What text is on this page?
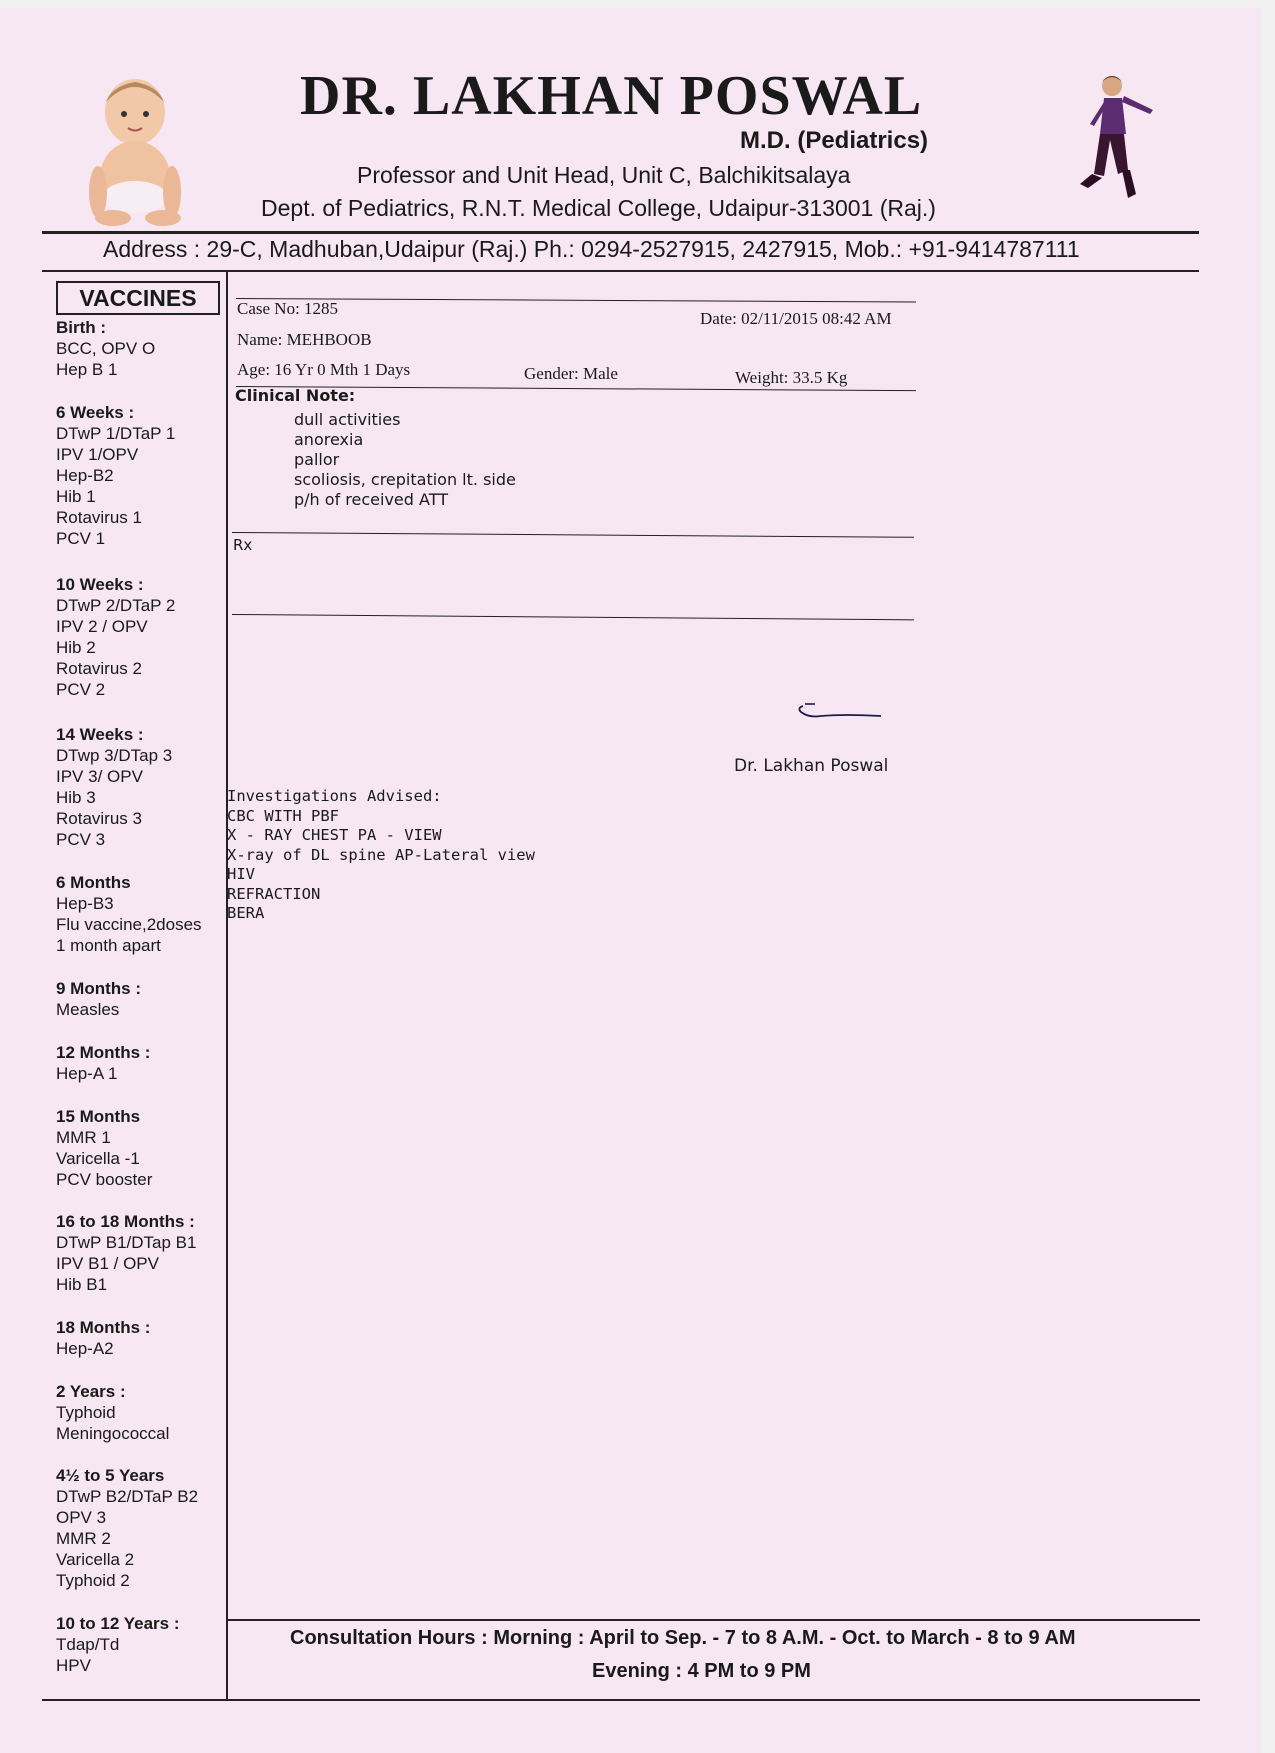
DR. LAKHAN POSWAL
M.D. (Pediatrics)
Professor and Unit Head, Unit C, Balchikitsalaya
Dept. of Pediatrics, R.N.T. Medical College, Udaipur-313001 (Raj.)
Address : 29-C, Madhuban,Udaipur (Raj.) Ph.: 0294-2527915, 2427915, Mob.: +91-9414787111
VACCINES
Birth :
BCC, OPV O
Hep B 1
6 Weeks :
DTwP 1/DTaP 1
IPV 1/OPV
Hep-B2
Hib 1
Rotavirus 1
PCV 1
10 Weeks :
DTwP 2/DTaP 2
IPV 2 / OPV
Hib 2
Rotavirus 2
PCV 2
14 Weeks :
DTwp 3/DTap 3
IPV 3/ OPV
Hib 3
Rotavirus 3
PCV 3
6 Months
Hep-B3
Flu vaccine,2doses
1 month apart
9 Months :
Measles
12 Months :
Hep-A 1
15 Months
MMR 1
Varicella -1
PCV booster
16 to 18 Months :
DTwP B1/DTap B1
IPV B1 / OPV
Hib B1
18 Months :
Hep-A2
2 Years :
Typhoid
Meningococcal
4½ to 5 Years
DTwP B2/DTaP B2
OPV 3
MMR 2
Varicella 2
Typhoid 2
10 to 12 Years :
Tdap/Td
HPV
Case No: 1285
Date: 02/11/2015 08:42 AM
Name: MEHBOOB
Age: 16 Yr 0 Mth 1 Days	Gender: Male	Weight: 33.5 Kg
Clinical Note:
dull activities
anorexia
pallor
scoliosis, crepitation lt. side
p/h of received ATT
Rx
Dr. Lakhan Poswal
Investigations Advised:
CBC WITH PBF
X - RAY CHEST PA - VIEW
X-ray of DL spine AP-Lateral view
HIV
REFRACTION
BERA
Consultation Hours : Morning : April to Sep. - 7 to 8 A.M. - Oct. to March - 8 to 9 AM
Evening : 4 PM to 9 PM
